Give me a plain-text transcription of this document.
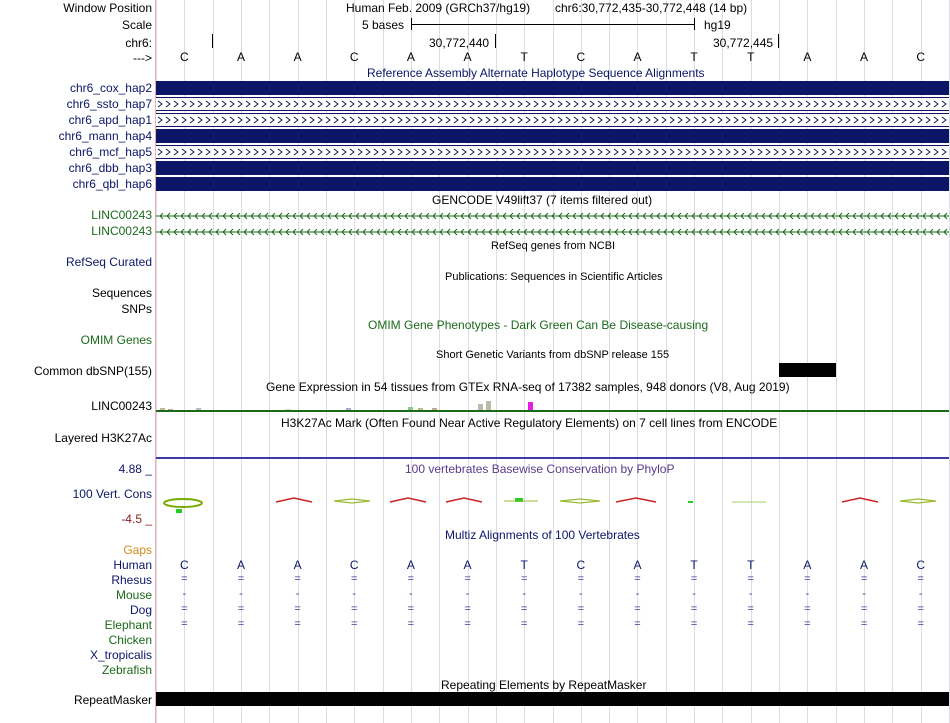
Window Position	Human Feb. 2009 (GRCh37/hg19) chr6:30,772,435-30,772,448 (14 bp)
Scale	5 bases	hg19
chr6:	30,772,440	30,772,445
--->	C	A	A	C	A	A	T	C	A	T	T	A	A	C
Reference Assembly Alternate Haplotype Sequence Alignments
chr6_cox_hap2
chr6_ssto_hap7
chr6_apd_hap1
chr6_mann_hap4
chr6_mcf_hap5
chr6_dbb_hap3
chr6_qbl_hap6
GENCODE V49lift37 (7 items filtered out)
LINC00243
LINC00243
RefSeq genes from NCBI
RefSeq Curated
Publications: Sequences in Scientific Articles
Sequences
SNPs
OMIM Gene Phenotypes - Dark Green Can Be Disease-causing
OMIM Genes
Short Genetic Variants from dbSNP release 155
Common dbSNP(155)
Gene Expression in 54 tissues from GTEx RNA-seq of 17382 samples, 948 donors (V8, Aug 2019)
LINC00243
H3K27Ac Mark (Often Found Near Active Regulatory Elements) on 7 cell lines from ENCODE
Layered H3K27Ac
100 vertebrates Basewise Conservation by PhyloP
4.88 _
100 Vert. Cons
-4.5 _
Multiz Alignments of 100 Vertebrates
Gaps
Human	C	A	A	C	A	A	T	C	A	T	T	A	A	C
Rhesus	=	=	=	=	=	=	=	=	=	=	=	=	=	=
Mouse	-	-	-	-	-	-	-	-	-	-	-	-	-	-
Dog	=	=	=	=	=	=	=	=	=	=	=	=	=	=
Elephant	=	=	=	=	=	=	=	=	=	=	=	=	=	=
Chicken
X_tropicalis
Zebrafish
Repeating Elements by RepeatMasker
RepeatMasker
